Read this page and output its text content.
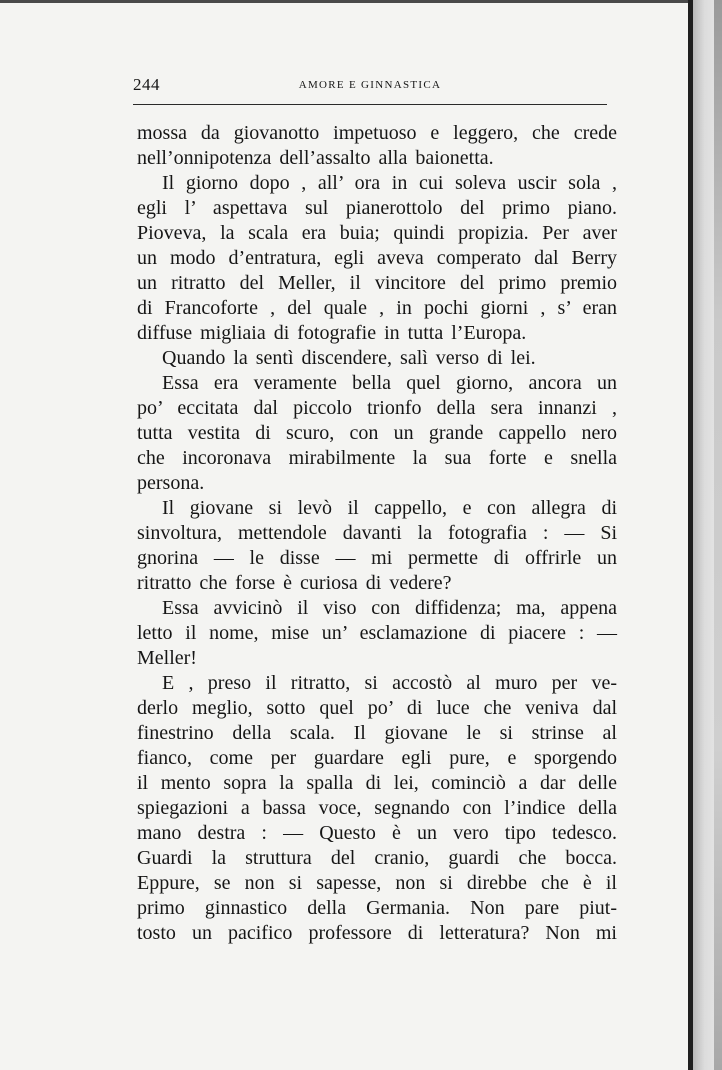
244	AMORE E GINNASTICA
mossa da giovanotto impetuoso e leggero, che crede
nell’onnipotenza dell’assalto alla baionetta.
Il giorno dopo , all’ ora in cui soleva uscir sola ,
egli l’ aspettava sul pianerottolo del primo piano.
Pioveva, la scala era buia; quindi propizia. Per aver
un modo d’entratura, egli aveva comperato dal Berry
un ritratto del Meller, il vincitore del primo premio
di Francoforte , del quale , in pochi giorni , s’ eran
diffuse migliaia di fotografie in tutta l’Europa.
Quando la sentì discendere, salì verso di lei.
Essa era veramente bella quel giorno, ancora un
po’ eccitata dal piccolo trionfo della sera innanzi ,
tutta vestita di scuro, con un grande cappello nero
che incoronava mirabilmente la sua forte e snella
persona.
Il giovane si levò il cappello, e con allegra di
sinvoltura, mettendole davanti la fotografia : — Si
gnorina — le disse — mi permette di offrirle un
ritratto che forse è curiosa di vedere?
Essa avvicinò il viso con diffidenza; ma, appena
letto il nome, mise un’ esclamazione di piacere : —
Meller!
E , preso il ritratto, si accostò al muro per ve-
derlo meglio, sotto quel po’ di luce che veniva dal
finestrino della scala. Il giovane le si strinse al
fianco, come per guardare egli pure, e sporgendo
il mento sopra la spalla di lei, cominciò a dar delle
spiegazioni a bassa voce, segnando con l’indice della
mano destra : — Questo è un vero tipo tedesco.
Guardi la struttura del cranio, guardi che bocca.
Eppure, se non si sapesse, non si direbbe che è il
primo ginnastico della Germania. Non pare piut-
tosto un pacifico professore di letteratura? Non mi
